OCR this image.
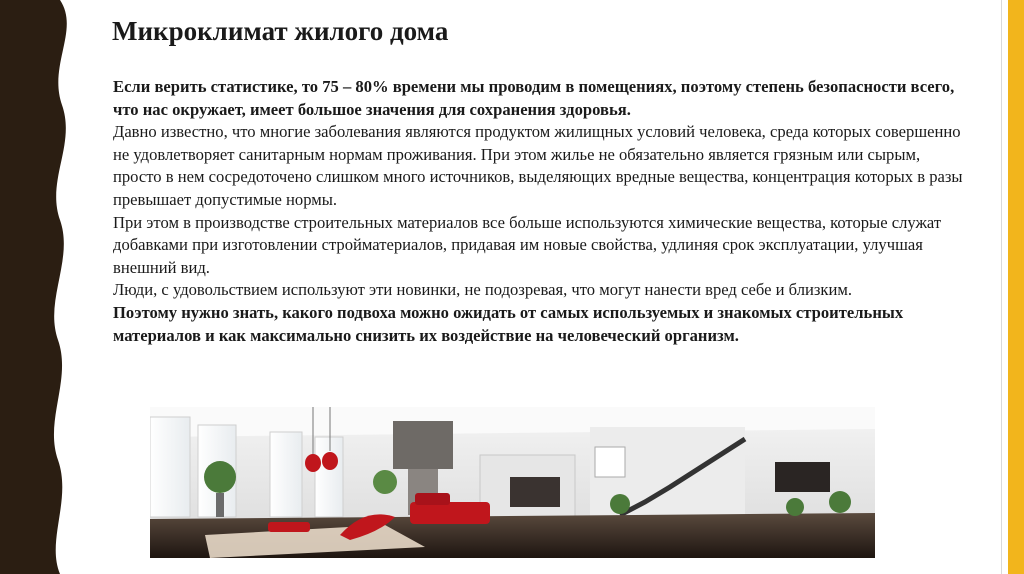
Микроклимат жилого дома

Если верить статистике, то 75 – 80% времени мы проводим в помещениях, поэтому степень безопасности всего, что нас окружает, имеет большое значения для сохранения здоровья.

Давно известно, что многие заболевания являются продуктом жилищных условий человека, среда которых совершенно не удовлетворяет санитарным нормам проживания. При этом жилье не обязательно является грязным или сырым, просто в нем сосредоточено слишком много источников, выделяющих вредные вещества, концентрация которых в разы превышает допустимые нормы.

При этом в производстве строительных материалов все больше используются химические вещества, которые служат добавками при изготовлении стройматериалов, придавая им новые свойства, удлиняя срок эксплуатации, улучшая внешний вид.

Люди, с удовольствием используют эти новинки, не подозревая, что могут нанести вред себе и близким.

Поэтому нужно знать, какого подвоха можно ожидать от самых используемых и знакомых строительных материалов и как максимально снизить их воздействие на человеческий организм.
